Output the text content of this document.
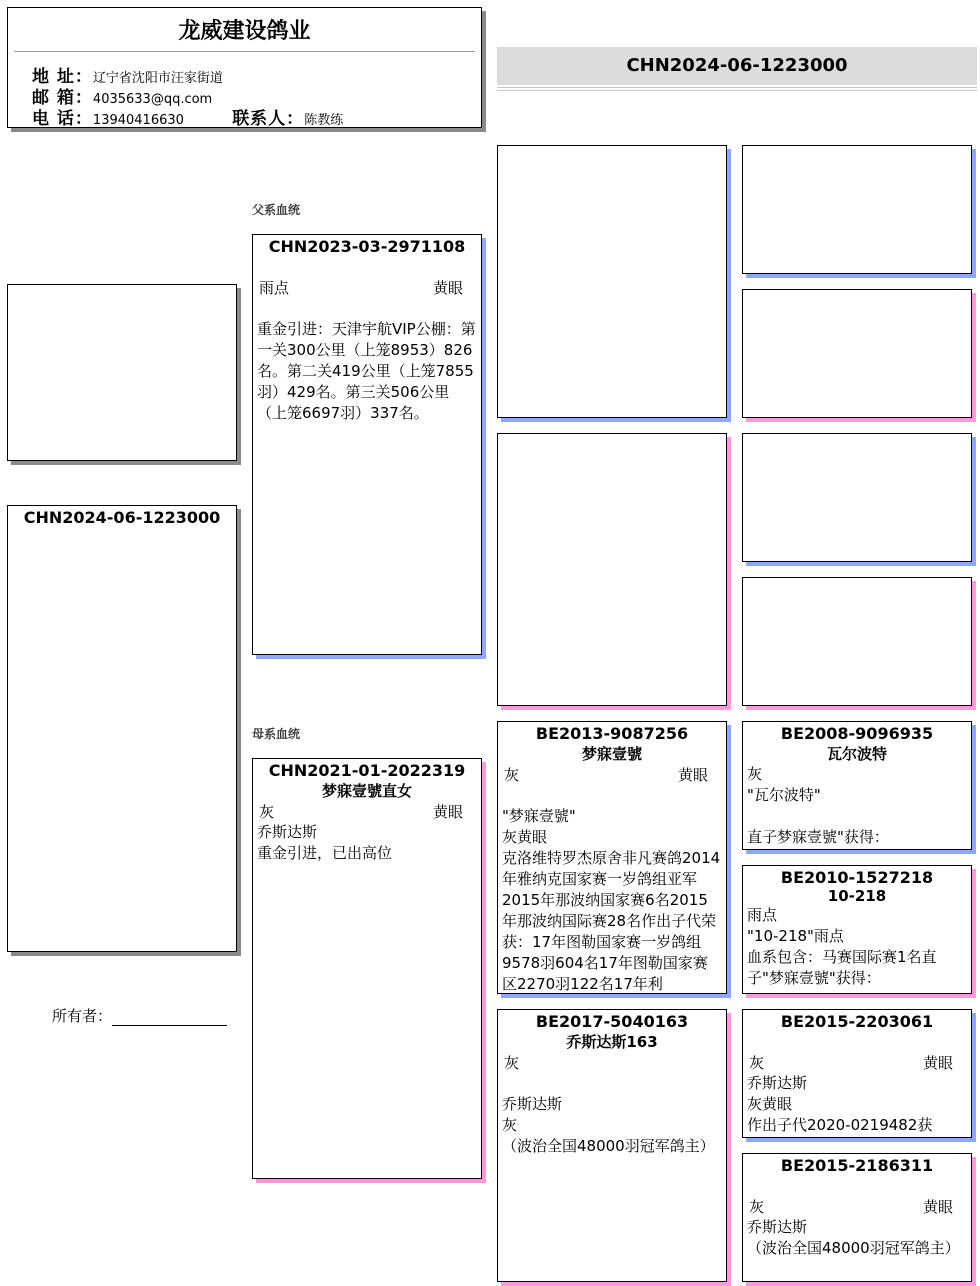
龙威建设鸽业
地 址：辽宁省沈阳市汪家街道
邮 箱：4035633@qq.com
电 话：13940416630	联系人：陈教练
CHN2024-06-1223000
CHN2024-06-1223000
所有者：
父系血统
母系血统
CHN2023-03-2971108
雨点	黄眼
重金引进：天津宇航VIP公棚：第一关300公里（上笼8953）826名。第二关419公里（上笼7855羽）429名。第三关506公里（上笼6697羽）337名。
CHN2021-01-2022319
梦寐壹號直女
灰	黄眼
乔斯达斯
重金引进，已出高位
BE2013-9087256
梦寐壹號
灰	黄眼
"梦寐壹號"
灰黄眼
克洛维特罗杰原舍非凡赛鸽2014年雅纳克国家赛一岁鸽组亚军2015年那波纳国家赛6名2015年那波纳国际赛28名作出子代荣获：17年图勒国家赛一岁鸽组9578羽604名17年图勒国家赛区2270羽122名17年利
BE2017-5040163
乔斯达斯163
灰
乔斯达斯
灰
（波治全国48000羽冠军鸽主）
BE2008-9096935
瓦尔波特
灰
"瓦尔波特"
直子梦寐壹號"获得：
BE2010-1527218
10-218
雨点
"10-218"雨点
血系包含：马赛国际赛1名直子"梦寐壹號"获得：
BE2015-2203061
灰	黄眼
乔斯达斯
灰黄眼
作出子代2020-0219482获
BE2015-2186311
灰	黄眼
乔斯达斯
（波治全国48000羽冠军鸽主）
